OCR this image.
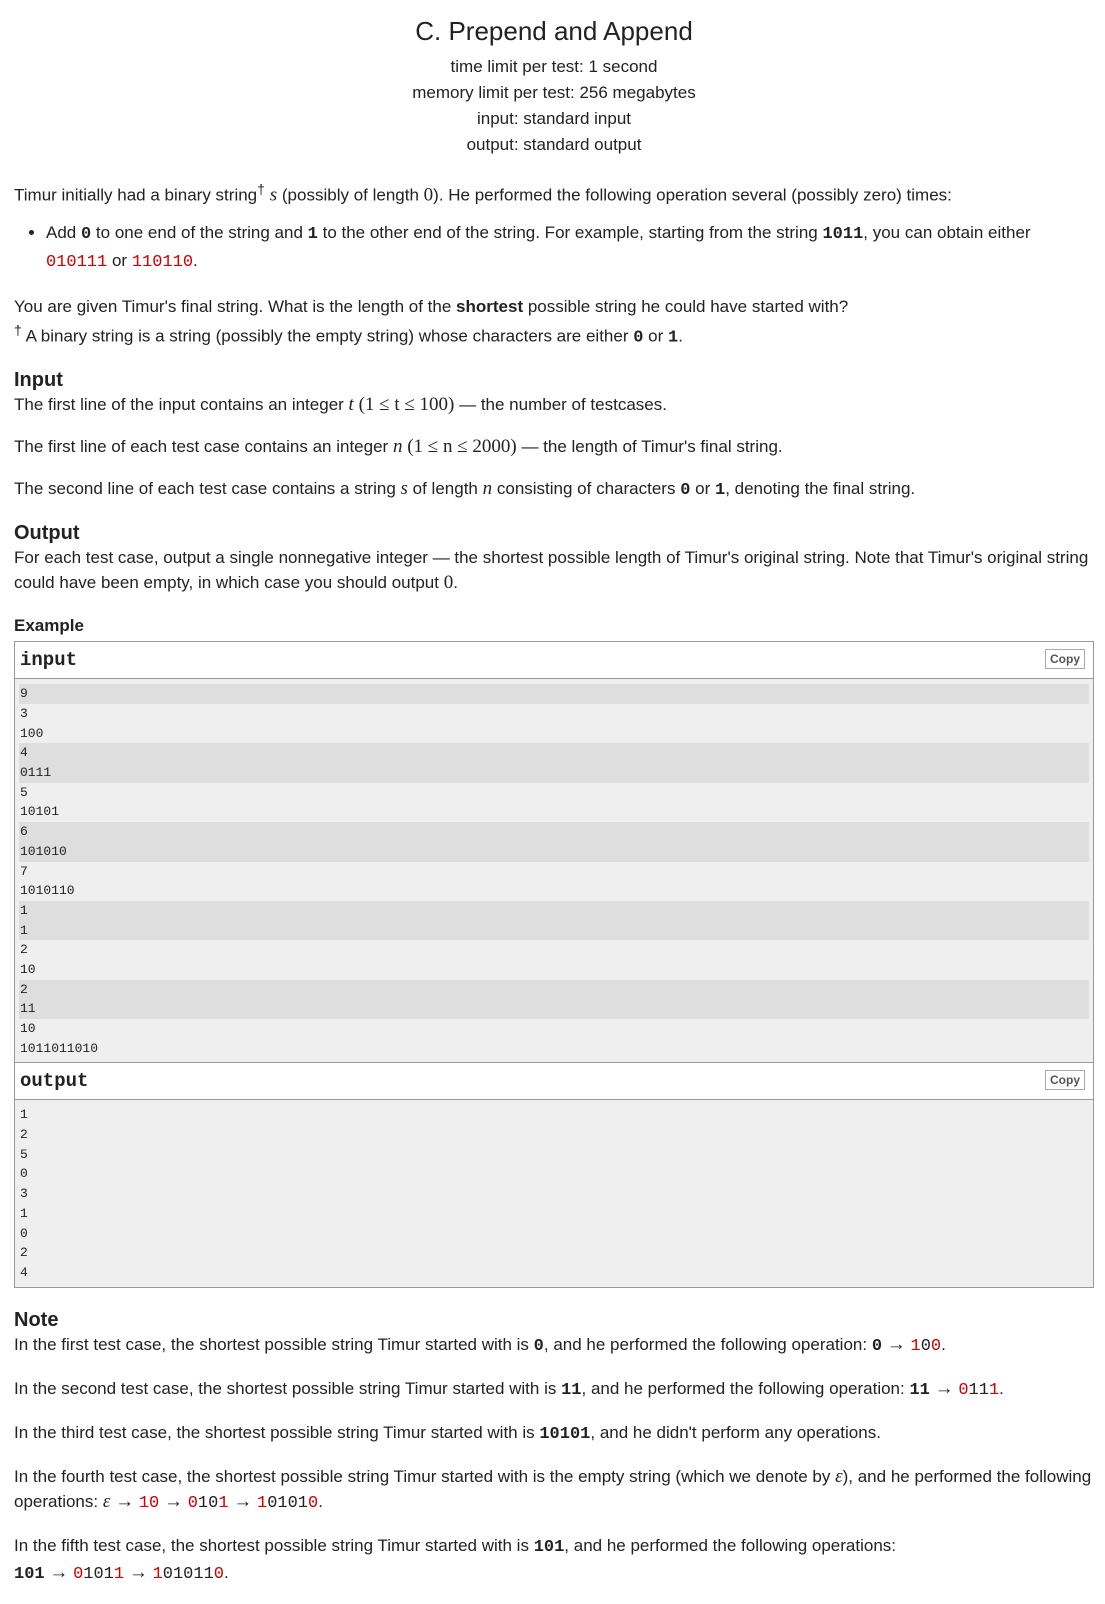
C. Prepend and Append
time limit per test: 1 second
memory limit per test: 256 megabytes
input: standard input
output: standard output

Timur initially had a binary string† s (possibly of length 0). He performed the following operation several (possibly zero) times:

• Add 0 to one end of the string and 1 to the other end of the string. For example, starting from the string 1011, you can obtain either 010111 or 110110.

You are given Timur's final string. What is the length of the shortest possible string he could have started with?

† A binary string is a string (possibly the empty string) whose characters are either 0 or 1.

Input

The first line of the input contains an integer t (1 ≤ t ≤ 100) — the number of testcases.

The first line of each test case contains an integer n (1 ≤ n ≤ 2000) — the length of Timur's final string.

The second line of each test case contains a string s of length n consisting of characters 0 or 1, denoting the final string.

Output

For each test case, output a single nonnegative integer — the shortest possible length of Timur's original string. Note that Timur's original string could have been empty, in which case you should output 0.

Example
input	Copy
9
3
100
4
0111
5
10101
6
101010
7
1010110
1
1
2
10
2
11
10
1011011010
output	Copy
1
2
5
0
3
1
0
2
4
Note

In the first test case, the shortest possible string Timur started with is 0, and he performed the following operation: 0 → 100.

In the second test case, the shortest possible string Timur started with is 11, and he performed the following operation: 11 → 0111.

In the third test case, the shortest possible string Timur started with is 10101, and he didn't perform any operations.

In the fourth test case, the shortest possible string Timur started with is the empty string (which we denote by ε), and he performed the following operations: ε → 10 → 0101 → 101010.

In the fifth test case, the shortest possible string Timur started with is 101, and he performed the following operations:
101 → 01011 → 1010110.
